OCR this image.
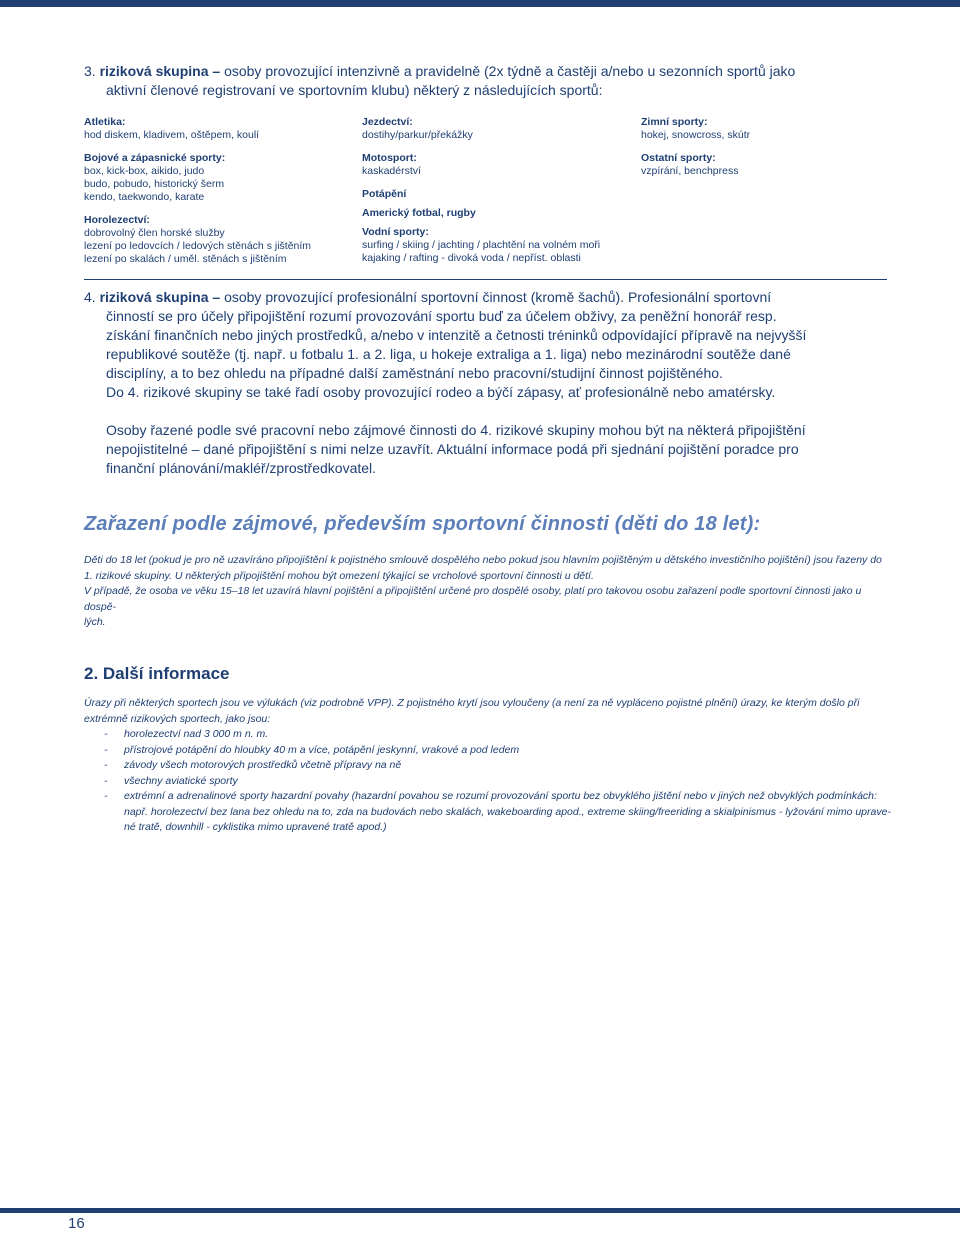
3. riziková skupina – osoby provozující intenzivně a pravidelně (2x týdně a častěji a/nebo u sezonních sportů jako
aktivní členové registrovaní ve sportovním klubu) některý z následujících sportů:
Atletika:
hod diskem, kladivem, oštěpem, koulí
Bojové a zápasnické sporty:
box, kick-box, aikido, judo
budo, pobudo, historický šerm
kendo, taekwondo, karate
Horolezectví:
dobrovolný člen horské služby
lezení po ledovcích / ledových stěnách s jištěním
lezení po skalách / uměl. stěnách s jištěním
Jezdectví:
dostihy/parkur/překážky
Motosport:
kaskadérství
Potápění
Americký fotbal, rugby
Vodní sporty:
surfing / skiing / jachting / plachtění na volném moři
kajaking / rafting - divoká voda / nepříst. oblasti
Zimní sporty:
hokej, snowcross, skútr
Ostatní sporty:
vzpírání, benchpress
4. riziková skupina – osoby provozující profesionální sportovní činnost (kromě šachů). Profesionální sportovní
činností se pro účely připojištění rozumí provozování sportu buď za účelem obživy, za peněžní honorář resp.
získání finančních nebo jiných prostředků, a/nebo v intenzitě a četnosti tréninků odpovídající přípravě na nejvyšší
republikové soutěže (tj. např. u fotbalu 1. a 2. liga, u hokeje extraliga a 1. liga) nebo mezinárodní soutěže dané
disciplíny, a to bez ohledu na případné další zaměstnání nebo pracovní/studijní činnost pojištěného.
Do 4. rizikové skupiny se také řadí osoby provozující rodeo a býčí zápasy, ať profesionálně nebo amatérsky.
Osoby řazené podle své pracovní nebo zájmové činnosti do 4. rizikové skupiny mohou být na některá připojištění
nepojistitelné – dané připojištění s nimi nelze uzavřít. Aktuální informace podá při sjednání pojištění poradce pro
finanční plánování/makléř/zprostředkovatel.
Zařazení podle zájmové, především sportovní činnosti (děti do 18 let):
Děti do 18 let (pokud je pro ně uzavíráno připojištění k pojistného smlouvě dospělého nebo pokud jsou hlavním pojištěným u dětského investičního pojištění) jsou řazeny do
1. rizikové skupiny. U některých připojištění mohou být omezení týkající se vrcholové sportovní činnosti u dětí.
V případě, že osoba ve věku 15–18 let uzavírá hlavní pojištění a připojištění určené pro dospělé osoby, platí pro takovou osobu zařazení podle sportovní činnosti jako u dospě-
lých.
2. Další informace
Úrazy při některých sportech jsou ve výlukách (viz podrobně VPP). Z pojistného krytí jsou vyloučeny (a není za ně vypláceno pojistné plnění) úrazy, ke kterým došlo při
extrémně rizikových sportech, jako jsou:
- horolezectví nad 3 000 m n. m.
- přístrojové potápění do hloubky 40 m a více, potápění jeskynní, vrakové a pod ledem
- závody všech motorových prostředků včetně přípravy na ně
- všechny aviatické sporty
- extrémní a adrenalinové sporty hazardní povahy (hazardní povahou se rozumí provozování sportu bez obvyklého jištění nebo v jiných než obvyklých podmínkách:
např. horolezectví bez lana bez ohledu na to, zda na budovách nebo skalách, wakeboarding apod., extreme skiing/freeriding a skialpinismus - lyžování mimo uprave-
né tratě, downhill - cyklistika mimo upravené tratě apod.)
16
